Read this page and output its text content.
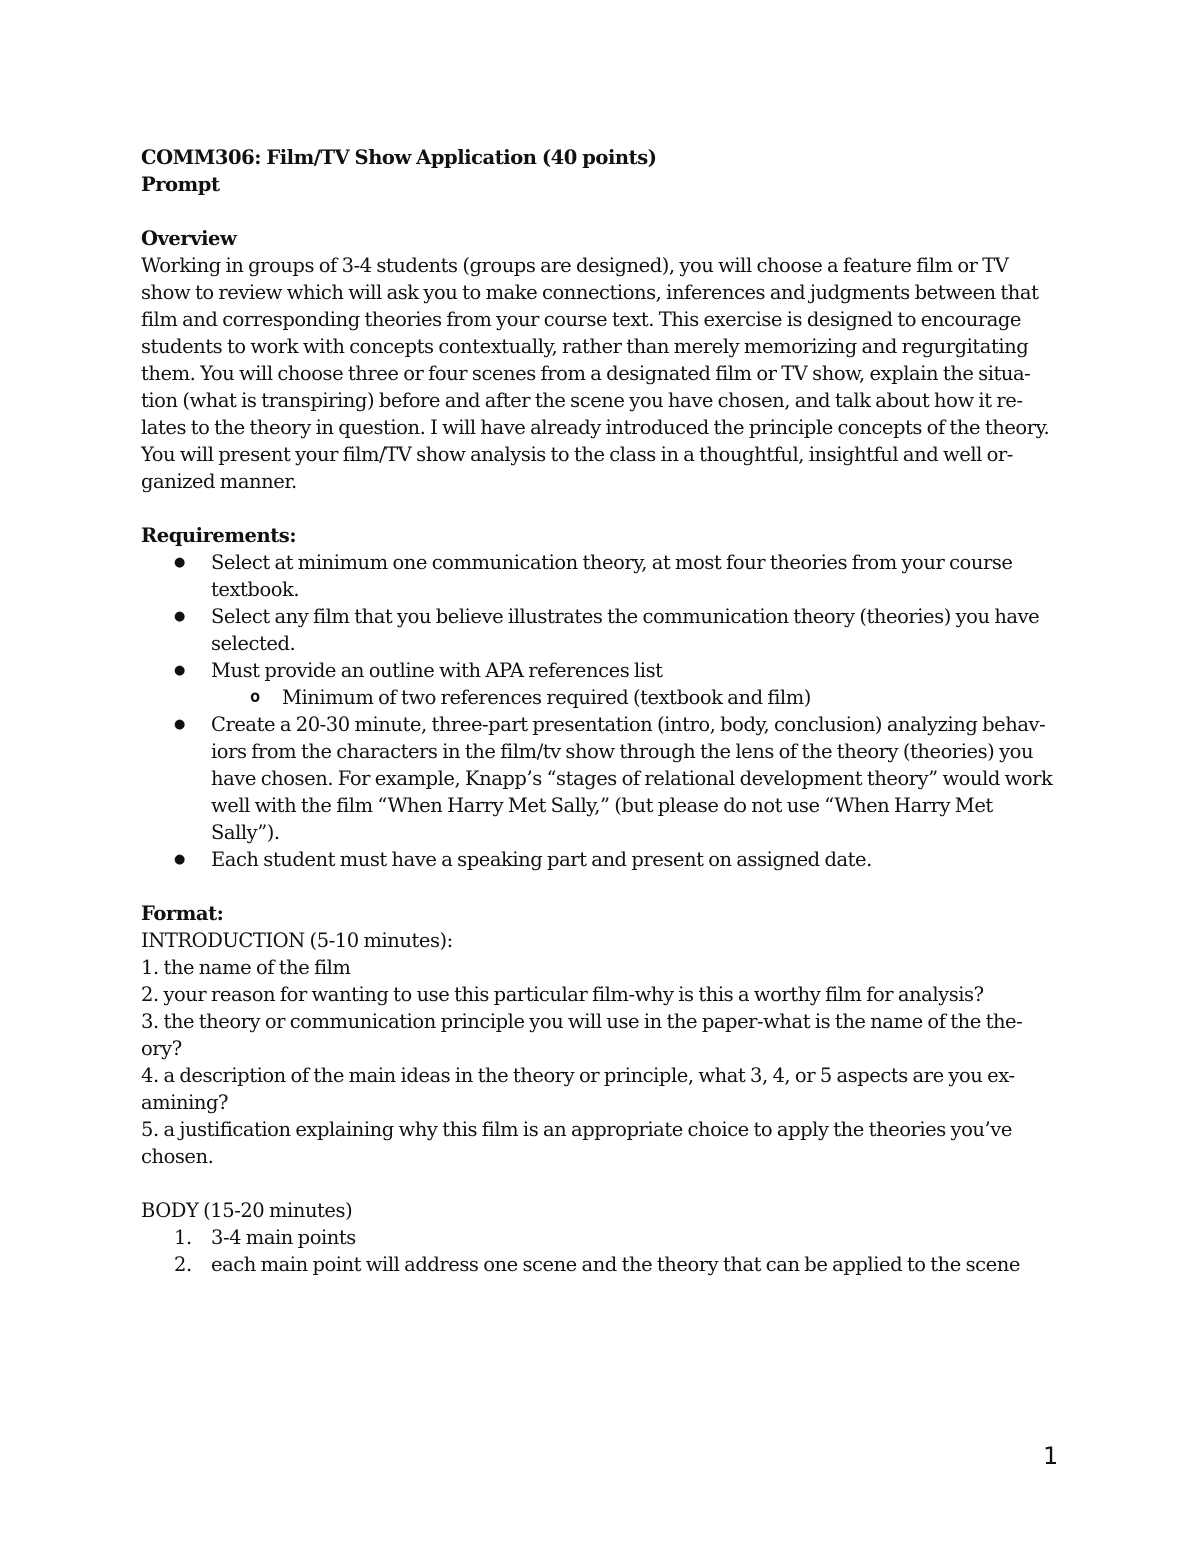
COMM306: Film/TV Show Application (40 points)

Prompt

Overview

Working in groups of 3-4 students (groups are designed), you will choose a feature film or TV show to review which will ask you to make connections, inferences and judgments between that film and corresponding theories from your course text. This exercise is designed to encourage students to work with concepts contextually, rather than merely memorizing and regurgitating them. You will choose three or four scenes from a designated film or TV show, explain the situa-tion (what is transpiring) before and after the scene you have chosen, and talk about how it re-lates to the theory in question. I will have already introduced the principle concepts of the theory. You will present your film/TV show analysis to the class in a thoughtful, insightful and well or-ganized manner.

Requirements:

● Select at minimum one communication theory, at most four theories from your course textbook.
● Select any film that you believe illustrates the communication theory (theories) you have selected.
● Must provide an outline with APA references list
o Minimum of two references required (textbook and film)
● Create a 20-30 minute, three-part presentation (intro, body, conclusion) analyzing behav-iors from the characters in the film/tv show through the lens of the theory (theories) you have chosen. For example, Knapp’s “stages of relational development theory” would work well with the film “When Harry Met Sally,” (but please do not use “When Harry Met Sally”).
● Each student must have a speaking part and present on assigned date.

Format:

INTRODUCTION (5-10 minutes):

1. the name of the film

2. your reason for wanting to use this particular film-why is this a worthy film for analysis?

3. the theory or communication principle you will use in the paper-what is the name of the the-ory?

4. a description of the main ideas in the theory or principle, what 3, 4, or 5 aspects are you ex-amining?

5. a justification explaining why this film is an appropriate choice to apply the theories you’ve chosen.

BODY (15-20 minutes)

1. 3-4 main points
2. each main point will address one scene and the theory that can be applied to the scene
1
